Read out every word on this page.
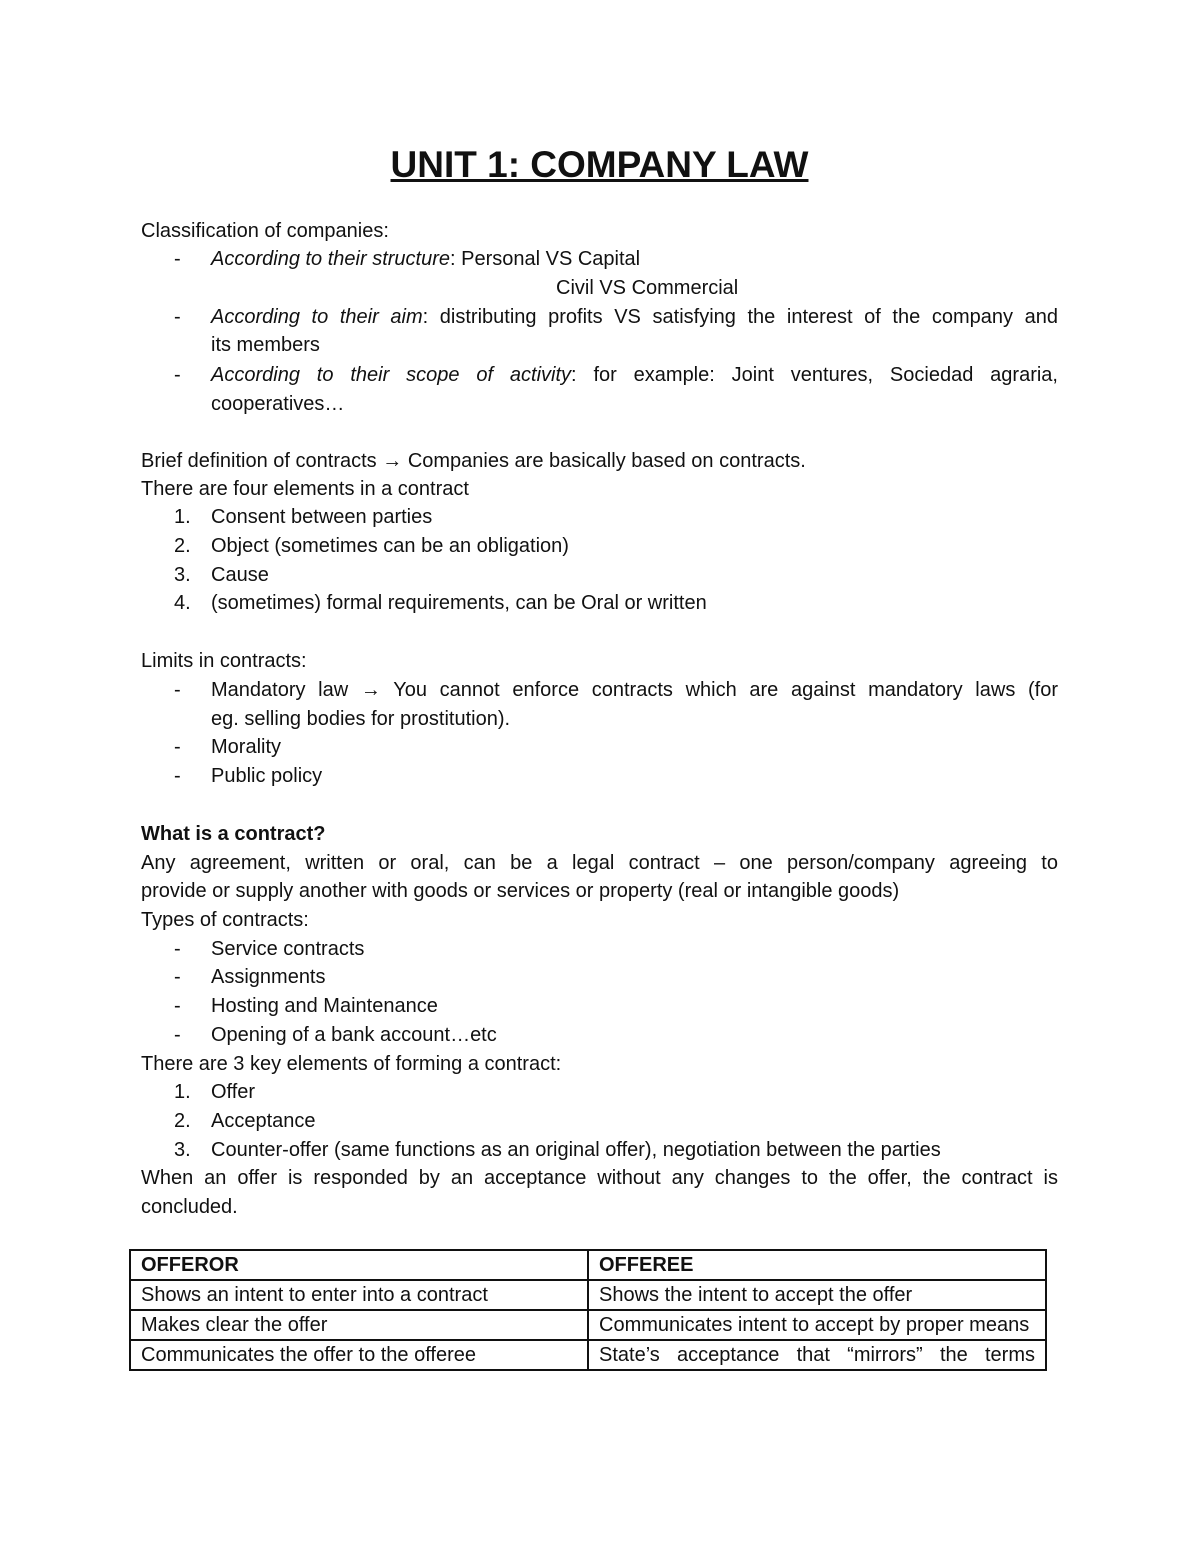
UNIT 1: COMPANY LAW
Classification of companies:
- According to their structure: Personal VS Capital
Civil VS Commercial
- According to their aim: distributing profits VS satisfying the interest of the company and
its members
- According to their scope of activity: for example: Joint ventures, Sociedad agraria,
cooperatives…
Brief definition of contracts → Companies are basically based on contracts.
There are four elements in a contract
1. Consent between parties
2. Object (sometimes can be an obligation)
3. Cause
4. (sometimes) formal requirements, can be Oral or written
Limits in contracts:
- Mandatory law → You cannot enforce contracts which are against mandatory laws (for
eg. selling bodies for prostitution).
- Morality
- Public policy
What is a contract?
Any agreement, written or oral, can be a legal contract – one person/company agreeing to
provide or supply another with goods or services or property (real or intangible goods)
Types of contracts:
- Service contracts
- Assignments
- Hosting and Maintenance
- Opening of a bank account…etc
There are 3 key elements of forming a contract:
1. Offer
2. Acceptance
3. Counter-offer (same functions as an original offer), negotiation between the parties
When an offer is responded by an acceptance without any changes to the offer, the contract is
concluded.
OFFEROR	OFFEREE
Shows an intent to enter into a contract	Shows the intent to accept the offer
Makes clear the offer	Communicates intent to accept by proper means
Communicates the offer to the offeree	State’s acceptance that “mirrors” the terms
